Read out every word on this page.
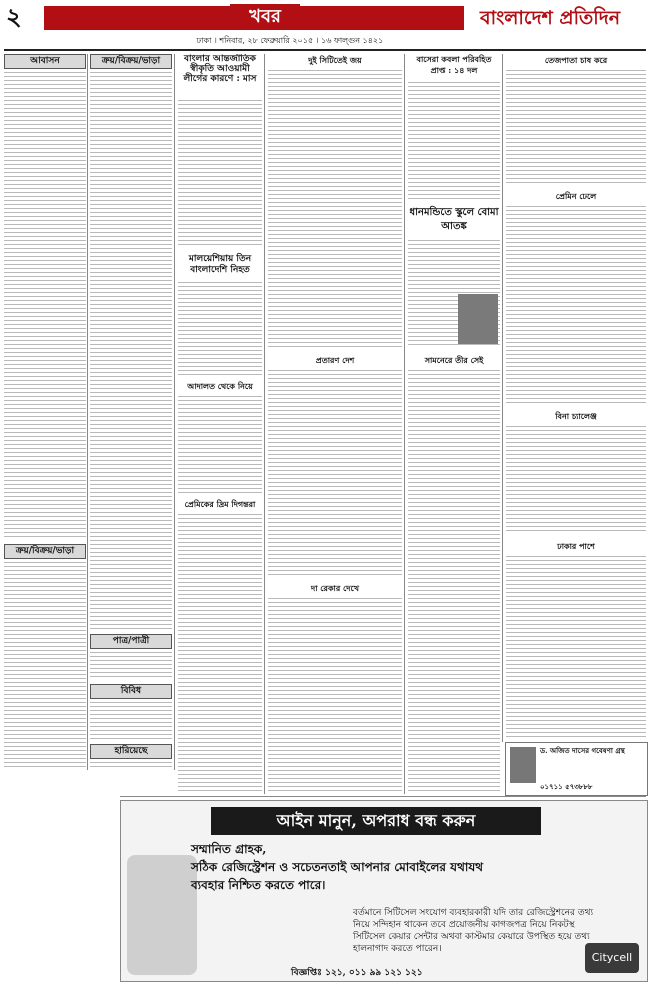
২	খবর	বাংলাদেশ প্রতিদিন
ঢাকা । শনিবার, ২৮ ফেব্রুয়ারি ২০১৫ । ১৬ ফাল্গুন ১৪২১
আবাসন
ক্রয়/বিক্রয়/ভাড়া
ক্রয়/বিক্রয়/ভাড়া
পাত্র/পাত্রী
বিবিধ
হারিয়েছে
বাংলার আন্তর্জাতিক স্বীকৃতি আওয়ামী লীগের কারণে : মাস
মালয়েশিয়ায় তিন বাংলাদেশি নিহত
আদালত থেকে নিয়ে
প্রেমিকের দ্রিম দিগন্তরা
দুই সিটিতেই জয়
প্রতারণ দেশ
দা রেকার দেখে
বাসেরা কবলা পরিবহিত প্রাপ্ত : ১৪ দল
ধানমন্ডিতে স্কুলে বোমা আতঙ্ক
সামনেরে তীর সেই
তেজপাতা চাষ করে
প্রেমিন ঢেলে
বিনা চ্যালেঞ্জ
ঢাকার পাশে
ড. অজিত দাসের গবেষণা গ্রন্থ
০১৭১১ ৫৭৩৮৮৮
আইন মানুন, অপরাধ বন্ধ করুন
সম্মানিত গ্রাহক,
সঠিক রেজিস্ট্রেশন ও সচেতনতাই আপনার মোবাইলের যথাযথ
ব্যবহার নিশ্চিত করতে পারে।
বর্তমানে সিটিসেল সংযোগ ব্যবহারকারী যদি তার রেজিস্ট্রেশনের তথ্য নিয়ে সন্দিহান থাকেন তবে প্রয়োজনীয় কাগজপত্র নিয়ে নিকটস্থ সিটিসেল কেয়ার সেন্টার অথবা কাস্টমার কেয়ারে উপস্থিত হয়ে তথ্য হালনাগাদ করতে পারেন।
বিজ্ঞপ্তিঃ ১২১, ০১১ ৯৯ ১২১ ১২১
Citycell
